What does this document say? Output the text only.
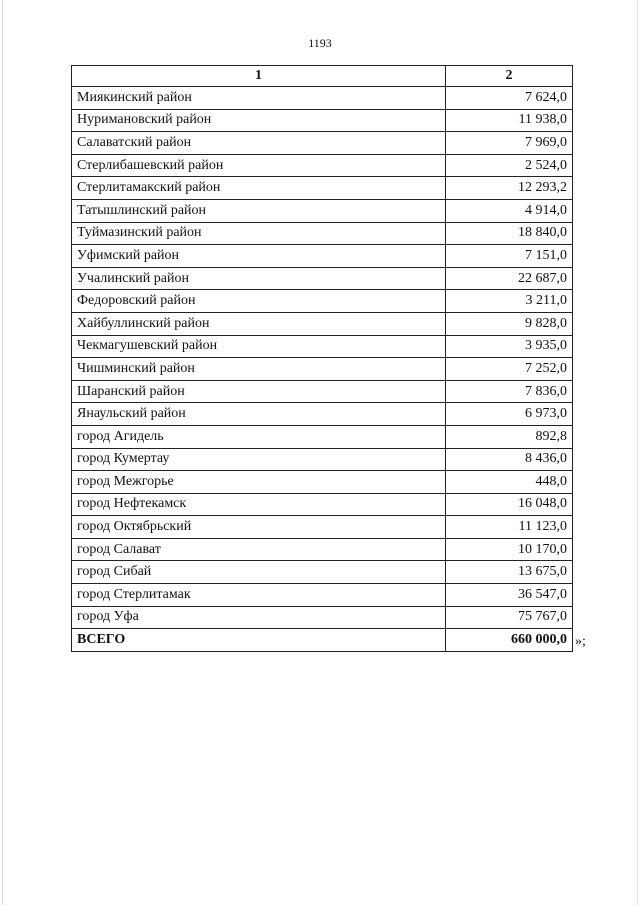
1193
1	2
Миякинский район	7 624,0
Нуримановский район	11 938,0
Салаватский район	7 969,0
Стерлибашевский район	2 524,0
Стерлитамакский район	12 293,2
Татышлинский район	4 914,0
Туймазинский район	18 840,0
Уфимский район	7 151,0
Учалинский район	22 687,0
Федоровский район	3 211,0
Хайбуллинский район	9 828,0
Чекмагушевский район	3 935,0
Чишминский район	7 252,0
Шаранский район	7 836,0
Янаульский район	6 973,0
город Агидель	892,8
город Кумертау	8 436,0
город Межгорье	448,0
город Нефтекамск	16 048,0
город Октябрьский	11 123,0
город Салават	10 170,0
город Сибай	13 675,0
город Стерлитамак	36 547,0
город Уфа	75 767,0
ВСЕГО	660 000,0 »;
